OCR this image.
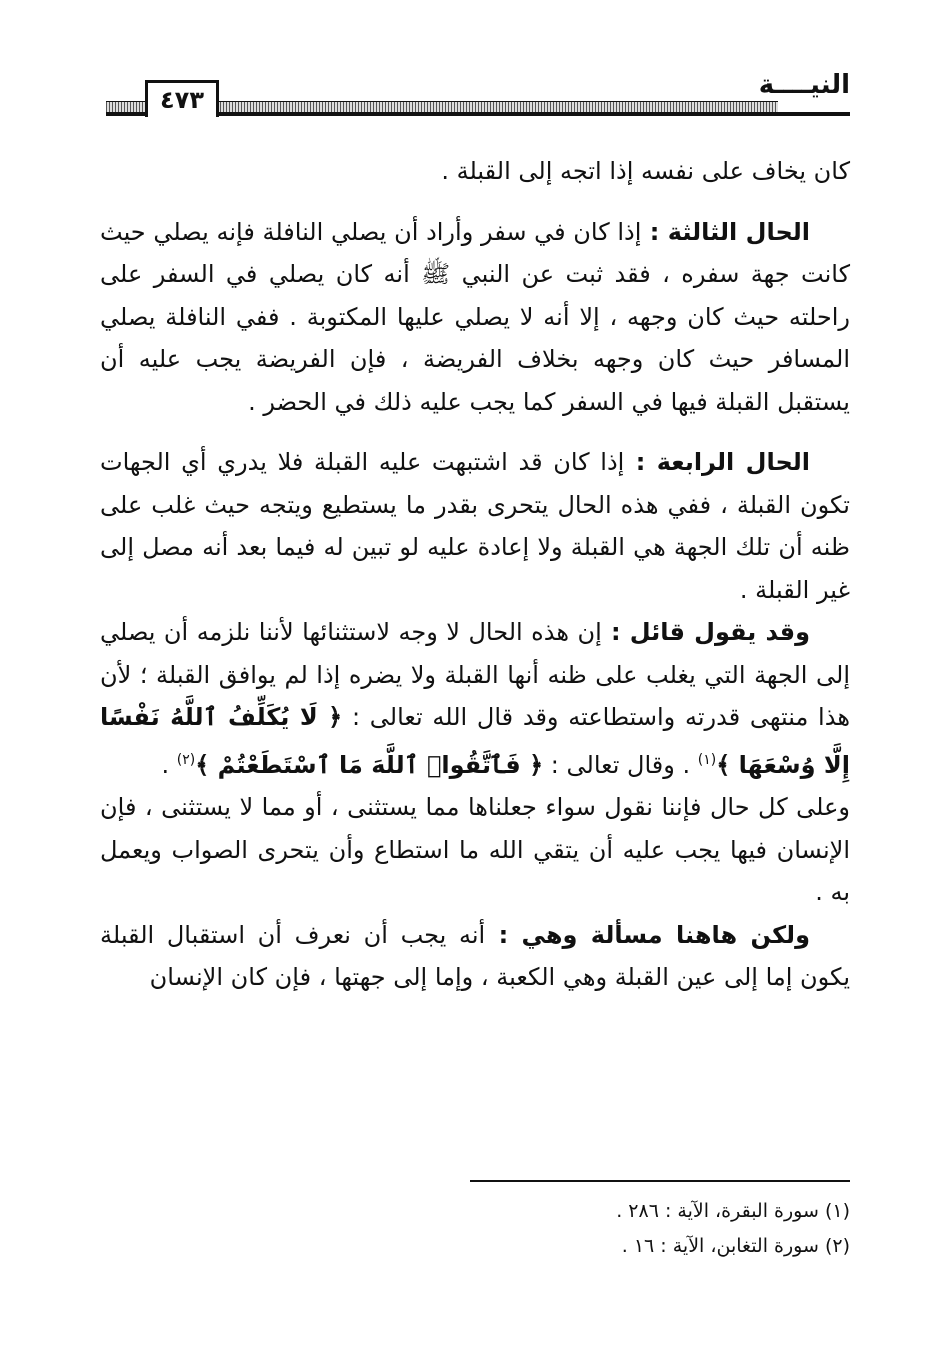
٤٧٣	النيــــة

كان يخاف على نفسه إذا اتجه إلى القبلة .

الحال الثالثة : إذا كان في سفر وأراد أن يصلي النافلة فإنه يصلي حيث كانت جهة سفره ، فقد ثبت عن النبي ﷺ أنه كان يصلي في السفر على راحلته حيث كان وجهه ، إلا أنه لا يصلي عليها المكتوبة . ففي النافلة يصلي المسافر حيث كان وجهه بخلاف الفريضة ، فإن الفريضة يجب عليه أن يستقبل القبلة فيها في السفر كما يجب عليه ذلك في الحضر .

الحال الرابعة : إذا كان قد اشتبهت عليه القبلة فلا يدري أي الجهات تكون القبلة ، ففي هذه الحال يتحرى بقدر ما يستطيع ويتجه حيث غلب على ظنه أن تلك الجهة هي القبلة ولا إعادة عليه لو تبين له فيما بعد أنه مصل إلى غير القبلة .

وقد يقول قائل : إن هذه الحال لا وجه لاستثنائها لأننا نلزمه أن يصلي إلى الجهة التي يغلب على ظنه أنها القبلة ولا يضره إذا لم يوافق القبلة ؛ لأن هذا منتهى قدرته واستطاعته وقد قال الله تعالى : ﴿ لَا يُكَلِّفُ ٱللَّهُ نَفْسًا إِلَّا وُسْعَهَا ﴾$^{(١)}$ . وقال تعالى : ﴿ فَٱتَّقُوا۟ ٱللَّهَ مَا ٱسْتَطَعْتُمْ ﴾$^{(٢)}$ .

وعلى كل حال فإننا نقول سواء جعلناها مما يستثنى ، أو مما لا يستثنى ، فإن الإنسان فيها يجب عليه أن يتقي الله ما استطاع وأن يتحرى الصواب ويعمل به .

ولكن هاهنا مسألة وهي : أنه يجب أن نعرف أن استقبال القبلة يكون إما إلى عين القبلة وهي الكعبة ، وإما إلى جهتها ، فإن كان الإنسان

(١) سورة البقرة، الآية : ٢٨٦ .

(٢) سورة التغابن، الآية : ١٦ .
